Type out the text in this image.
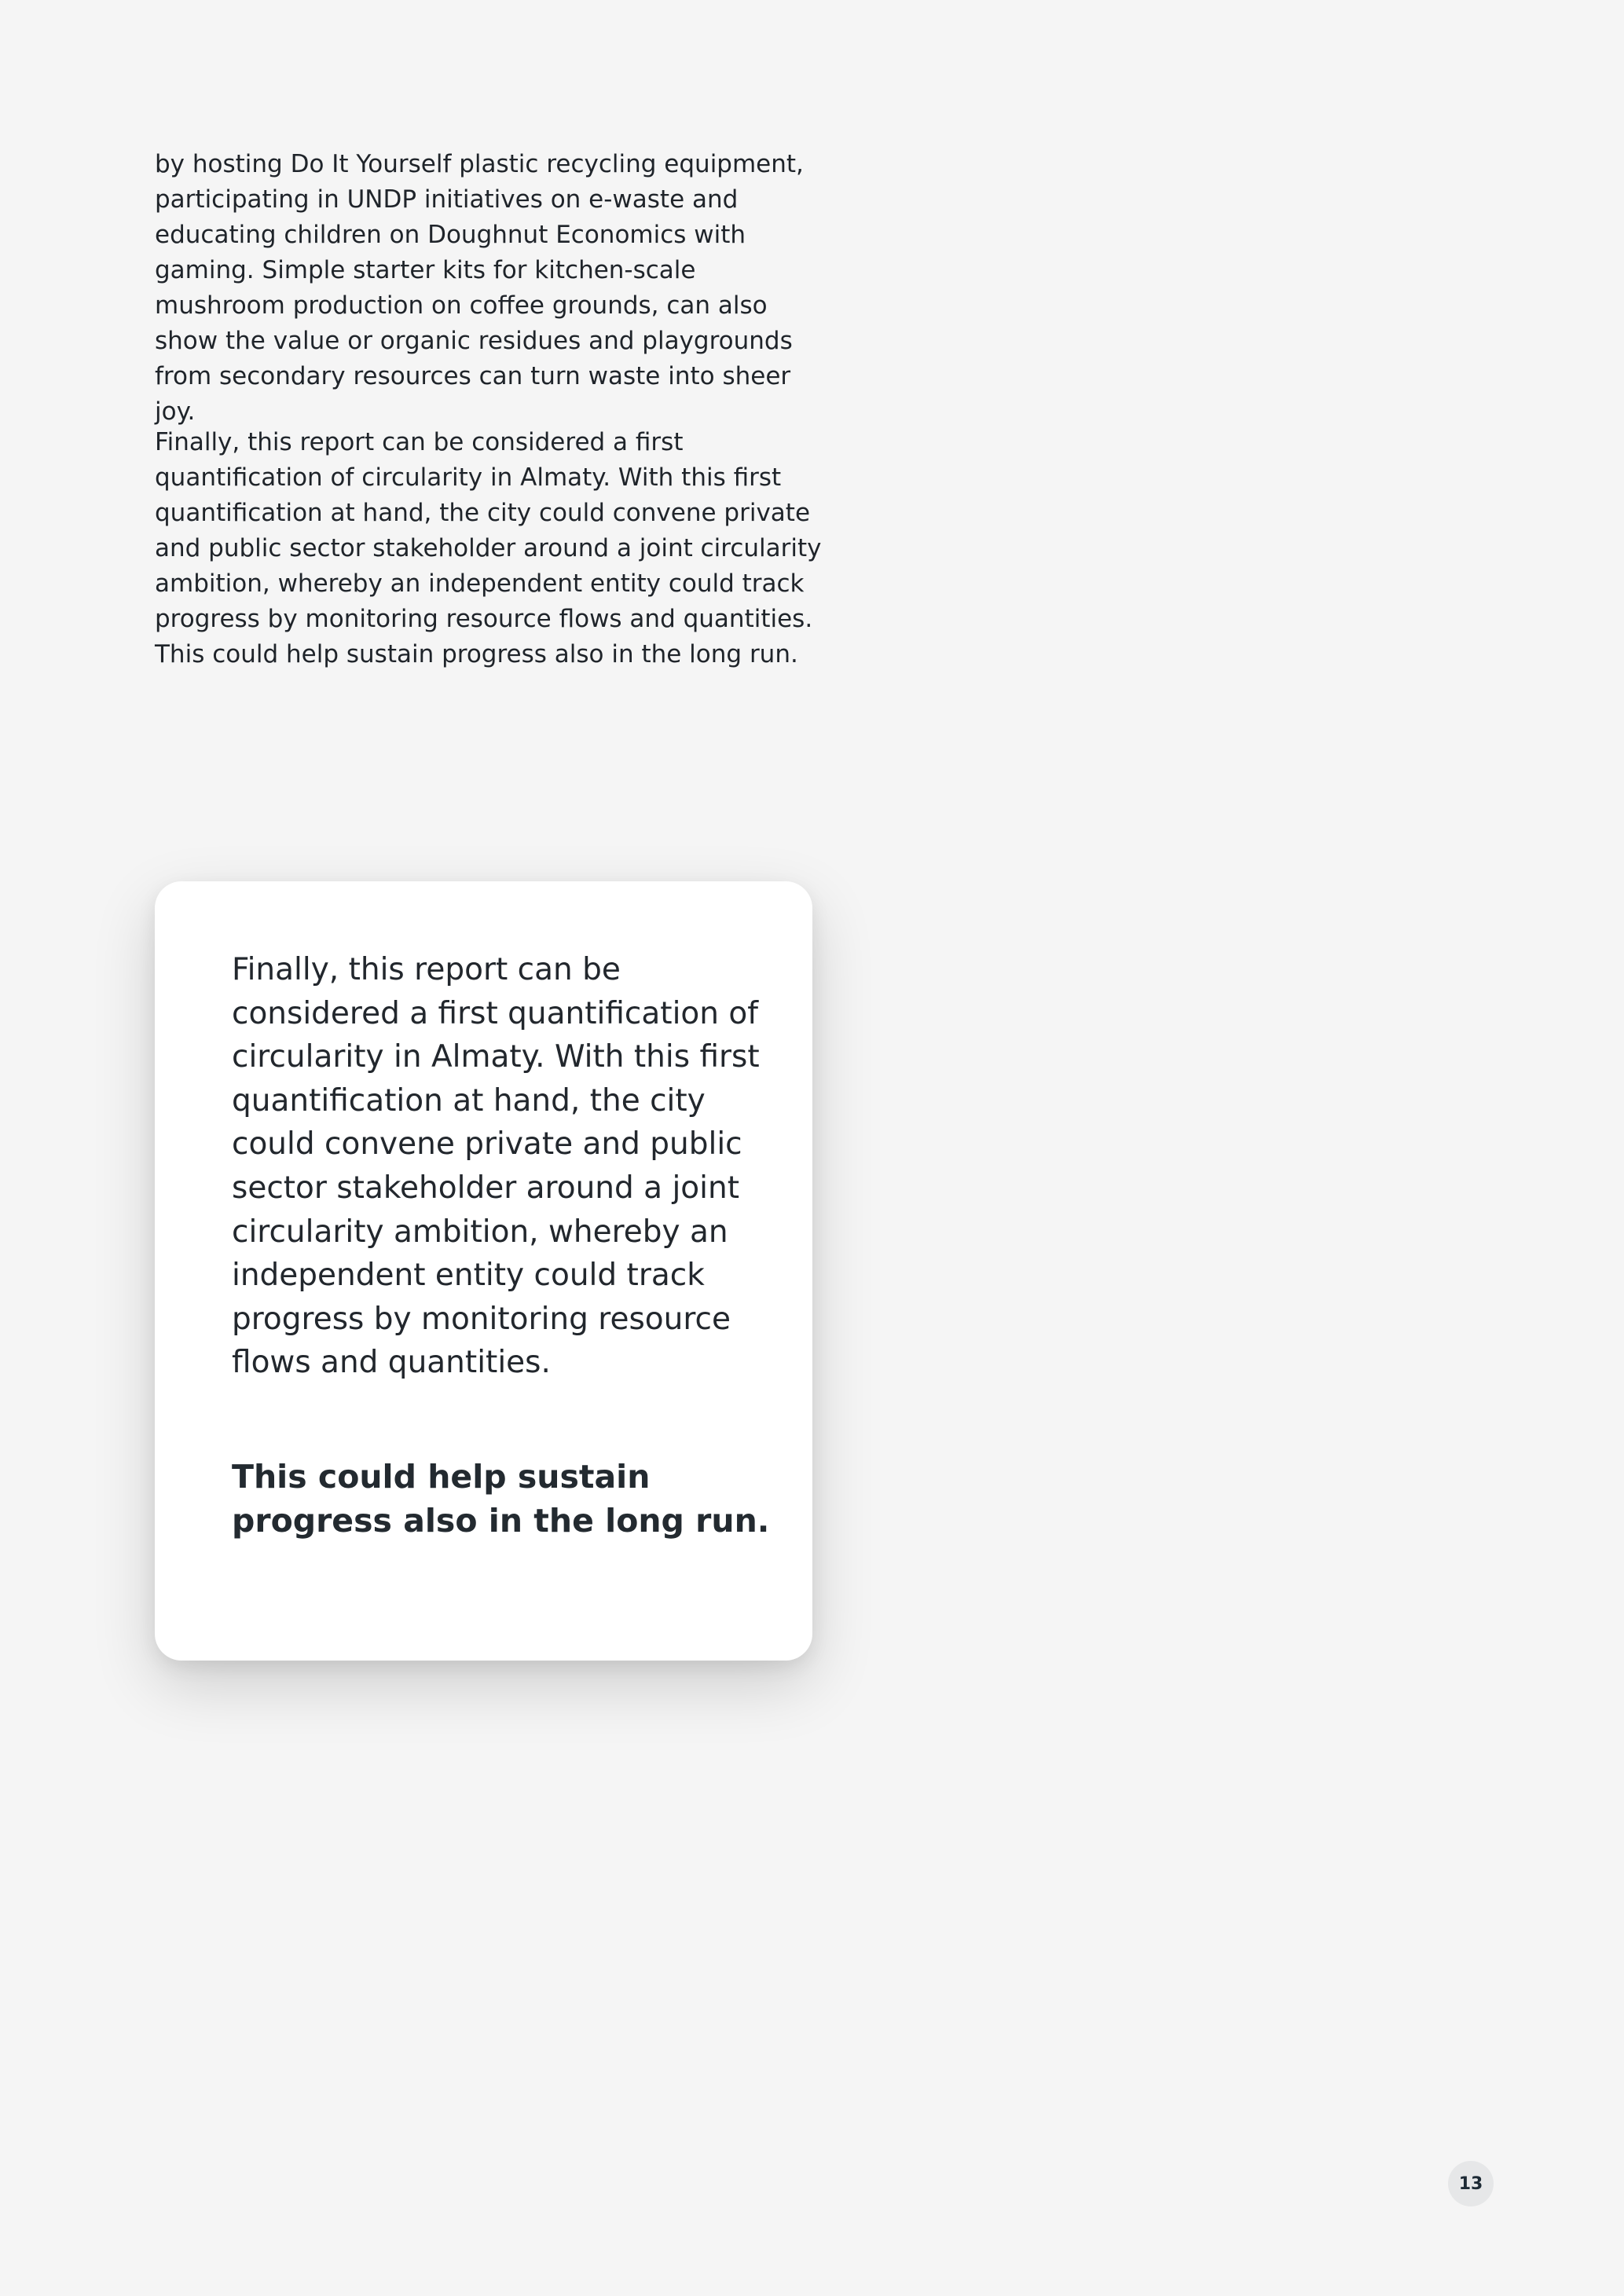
by hosting Do It Yourself plastic recycling equipment, participating in UNDP initiatives on e-waste and educating children on Doughnut Economics with gaming. Simple starter kits for kitchen-scale mushroom production on coffee grounds, can also show the value or organic residues and playgrounds from secondary resources can turn waste into sheer joy.

Finally, this report can be considered a first quantification of circularity in Almaty. With this first quantification at hand, the city could convene private and public sector stakeholder around a joint circularity ambition, whereby an independent entity could track progress by monitoring resource flows and quantities. This could help sustain progress also in the long run.

Finally, this report can be considered a first quantification of circularity in Almaty. With this first quantification at hand, the city could convene private and public sector stakeholder around a joint circularity ambition, whereby an independent entity could track progress by monitoring resource flows and quantities.

This could help sustain progress also in the long run.

13
